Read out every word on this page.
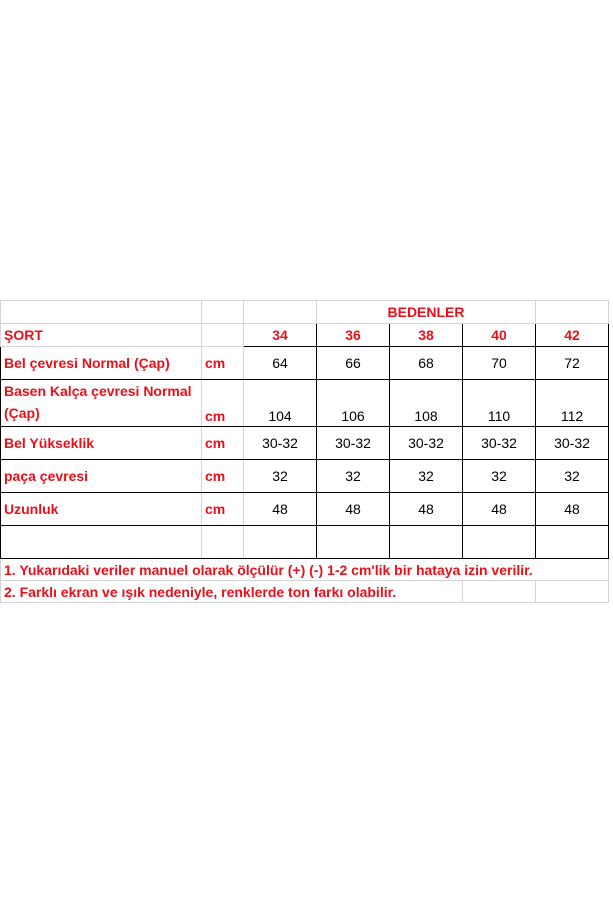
			BEDENLER			
ŞORT		34	36	38	40	42
Bel çevresi Normal (Çap)	cm	64	66	68	70	72
Basen Kalça çevresi Normal (Çap)	cm	104	106	108	110	112
Bel Yükseklik	cm	30-32	30-32	30-32	30-32	30-32
paça çevresi	cm	32	32	32	32	32
Uzunluk	cm	48	48	48	48	48

1. Yukarıdaki veriler manuel olarak ölçülür (+) (-) 1-2 cm'lik bir hataya izin verilir.						
2. Farklı ekran ve ışık nedeniyle, renklerde ton farkı olabilir.						
